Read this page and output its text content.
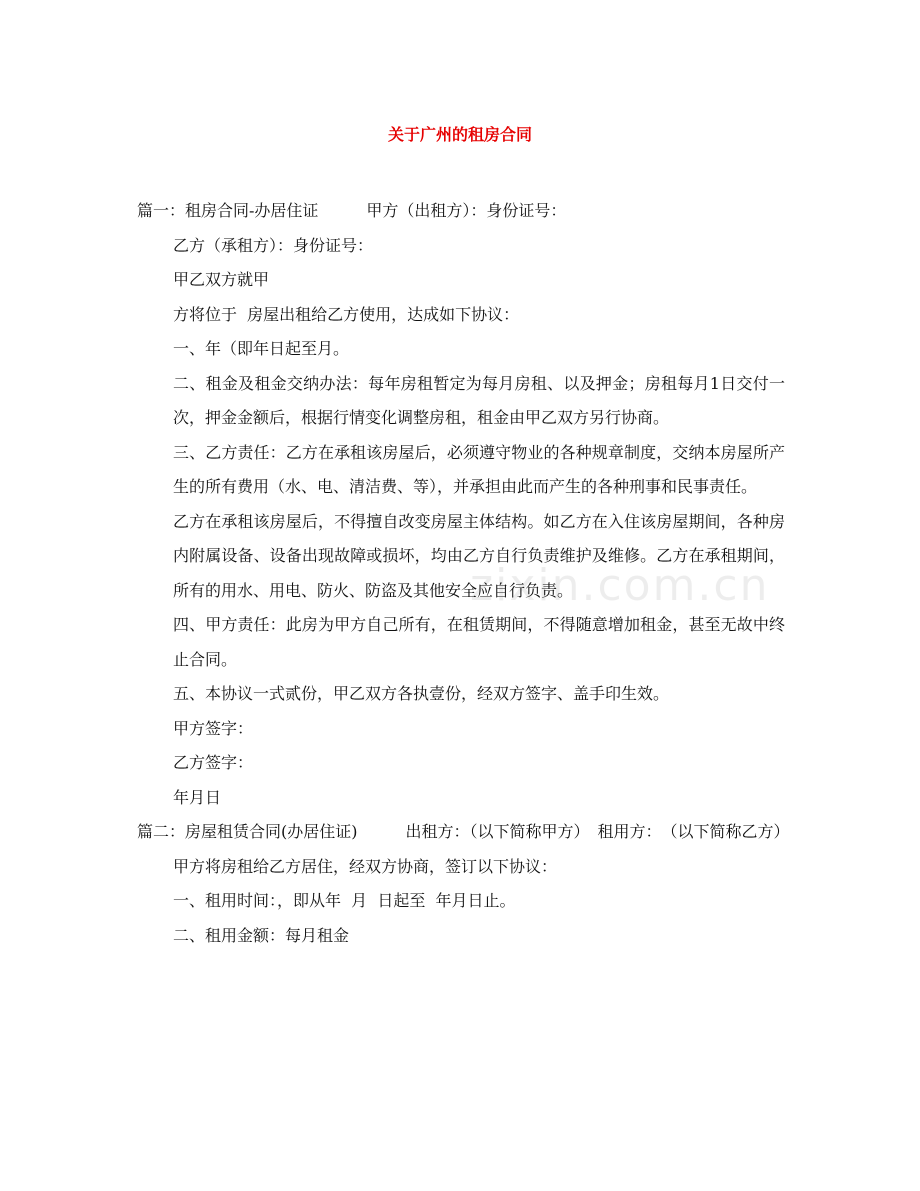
关于广州的租房合同
zixin.com.cn

篇一：租房合同-办居住证　　　甲方（出租方）：身份证号：

乙方（承租方）：身份证号：

甲乙双方就甲

方将位于  房屋出租给乙方使用，达成如下协议：

一、年（即年日起至月。

二、租金及租金交纳办法：每年房租暂定为每月房租、以及押金；房租每月1日交付一次，押金金额后，根据行情变化调整房租，租金由甲乙双方另行协商。

三、乙方责任：乙方在承租该房屋后，必须遵守物业的各种规章制度，交纳本房屋所产生的所有费用（水、电、清洁费、等），并承担由此而产生的各种刑事和民事责任。

乙方在承租该房屋后，不得擅自改变房屋主体结构。如乙方在入住该房屋期间，各种房内附属设备、设备出现故障或损坏，均由乙方自行负责维护及维修。乙方在承租期间，所有的用水、用电、防火、防盗及其他安全应自行负责。

四、甲方责任：此房为甲方自己所有，在租赁期间，不得随意增加租金，甚至无故中终止合同。

五、本协议一式贰份，甲乙双方各执壹份，经双方签字、盖手印生效。

甲方签字：

乙方签字：

年月日

篇二：房屋租赁合同(办居住证)　　　出租方：（以下简称甲方）　租用方：　（以下简称乙方）

甲方将房租给乙方居住，经双方协商，签订以下协议：

一、租用时间：，即从年  月  日起至  年月日止。

二、租用金额：每月租金
